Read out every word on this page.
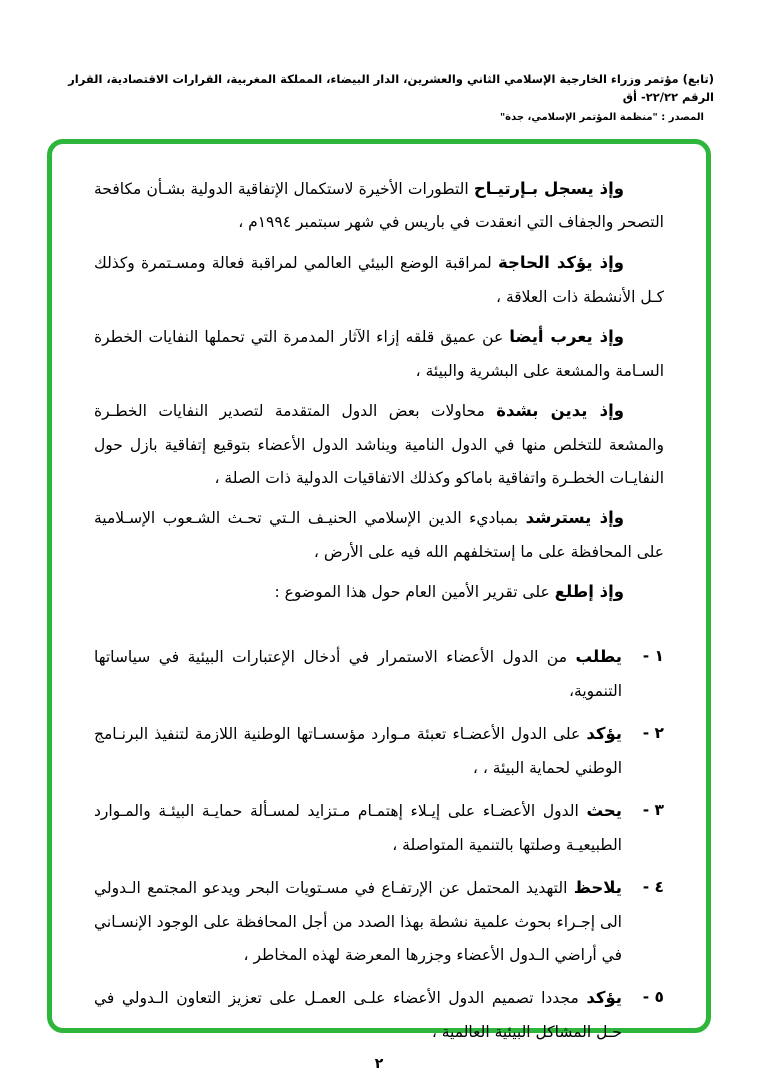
(تابع) مؤتمر وزراء الخارجية الإسلامي الثاني والعشرين، الدار البيضاء، المملكة المغربية، القرارات الاقتصادية، القرار الرقم ٢٢/٢٢- أق
المصدر : "منظمة المؤتمر الإسلامي، جدة"
وإذ يسجل بـإرتيـاح التطورات الأخيرة لاستكمال الإتفاقية الدولية بشـأن مكافحة التصحر والجفاف التي انعقدت في باريس في شهر سبتمبر ١٩٩٤م ،
وإذ يؤكد الحاجة لمراقبة الوضع البيئي العالمي لمراقبة فعالة ومسـتمرة وكذلك كـل الأنشطة ذات العلاقة ،
وإذ يعرب أيضا عن عميق قلقه إزاء الآثار المدمرة التي تحملها النفايات الخطرة السـامة والمشعة على البشرية والبيئة ،
وإذ يدين بشدة محاولات بعض الدول المتقدمة لتصدير النفايات الخطـرة والمشعة للتخلص منها في الدول النامية ويناشد الدول الأعضاء بتوقيع إتفاقية بازل حول النفايـات الخطـرة واتفاقية باماكو وكذلك الاتفاقيات الدولية ذات الصلة ،
وإذ يسترشد بمباديء الدين الإسلامي الحنيـف الـتي تحـث الشـعوب الإسـلامية على المحافظة على ما إستخلفهم الله فيه على الأرض ،
وإذ إطلع على تقرير الأمين العام حول هذا الموضوع :
١ -
يطلب من الدول الأعضاء الاستمرار في أدخال الإعتبارات البيئية في سياساتها التنموية،
٢ -
يؤكد على الدول الأعضـاء تعبئة مـوارد مؤسسـاتها الوطنية اللازمة لتنفيذ البرنـامج الوطني لحماية البيئة ، ،
٣ -
يحث الدول الأعضـاء على إيـلاء إهتمـام مـتزايد لمسـألة حمايـة البيئـة والمـوارد الطبيعيـة وصلتها بالتنمية المتواصلة ،
٤ -
يلاحظ التهديد المحتمل عن الإرتفـاع في مسـتويات البحر ويدعو المجتمع الـدولي الى إجـراء بحوث علمية نشطة بهذا الصدد من أجل المحافظة على الوجود الإنسـاني في أراضي الـدول الأعضاء وجزرها المعرضة لهذه المخاطر ،
٥ -
يؤكد مجددا تصميم الدول الأعضاء علـى العمـل على تعزيز التعاون الـدولي في حـل المشاكل البيئية العالمية ،
٢
